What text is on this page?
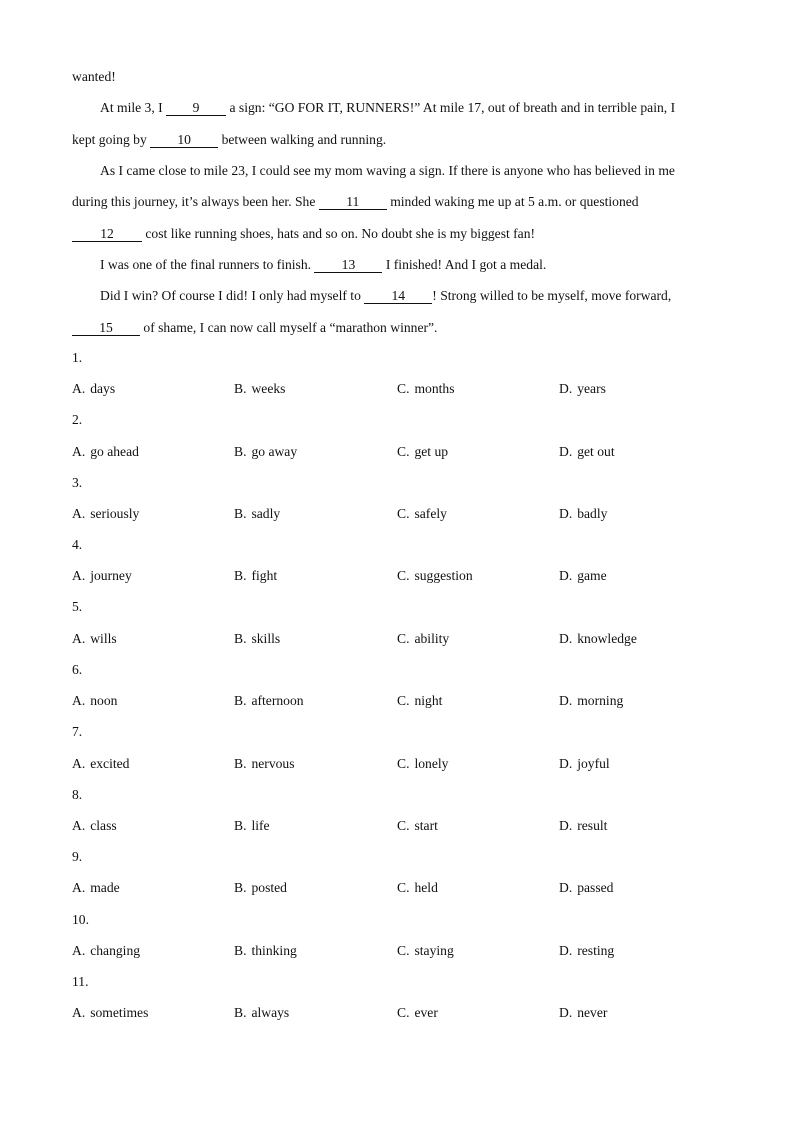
wanted!
At mile 3, I 9 a sign: “GO FOR IT, RUNNERS!” At mile 17, out of breath and in terrible pain, I
kept going by 10 between walking and running.
As I came close to mile 23, I could see my mom waving a sign. If there is anyone who has believed in me
during this journey, it’s always been her. She 11 minded waking me up at 5 a.m. or questioned
12 cost like running shoes, hats and so on. No doubt she is my biggest fan!
I was one of the final runners to finish. 13 I finished! And I got a medal.
Did I win? Of course I did! I only had myself to 14 ! Strong willed to be myself, move forward,
15 of shame, I can now call myself a “marathon winner”.
1.
A. days	B. weeks	C. months	D. years
2.
A. go ahead	B. go away	C. get up	D. get out
3.
A. seriously	B. sadly	C. safely	D. badly
4.
A. journey	B. fight	C. suggestion	D. game
5.
A. wills	B. skills	C. ability	D. knowledge
6.
A. noon	B. afternoon	C. night	D. morning
7.
A. excited	B. nervous	C. lonely	D. joyful
8.
A. class	B. life	C. start	D. result
9.
A. made	B. posted	C. held	D. passed
10.
A. changing	B. thinking	C. staying	D. resting
11.
A. sometimes	B. always	C. ever	D. never
